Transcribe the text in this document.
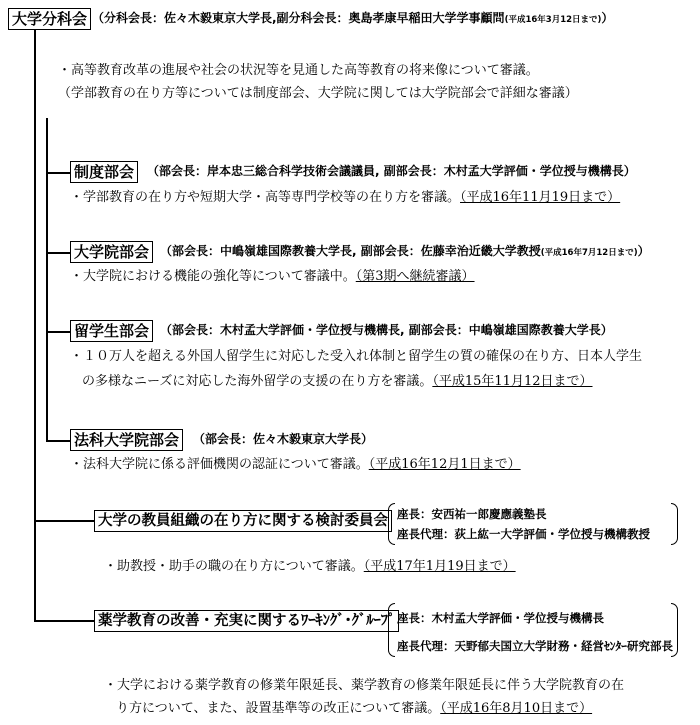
大学分科会 （分科会長：佐々木毅東京大学長,副分科会長：奥島孝康早稲田大学学事顧問(平成16年3月12日まで)）
・高等教育改革の進展や社会の状況等を見通した高等教育の将来像について審議。
（学部教育の在り方等については制度部会、大学院に関しては大学院部会で詳細な審議）
制度部会	（部会長：岸本忠三総合科学技術会議議員, 副部会長：木村孟大学評価・学位授与機構長）
・学部教育の在り方や短期大学・高等専門学校等の在り方を審議。（平成16年11月19日まで）
大学院部会 （部会長：中嶋嶺雄国際教養大学長, 副部会長：佐藤幸治近畿大学教授(平成16年7月12日まで)）
・大学院における機能の強化等について審議中。（第3期へ継続審議）
留学生部会 （部会長：木村孟大学評価・学位授与機構長, 副部会長：中嶋嶺雄国際教養大学長）
・１０万人を超える外国人留学生に対応した受入れ体制と留学生の質の確保の在り方、日本人学生
の多様なニーズに対応した海外留学の支援の在り方を審議。（平成15年11月12日まで）
法科大学院部会	（部会長：佐々木毅東京大学長）
・法科大学院に係る評価機関の認証について審議。（平成16年12月1日まで）
大学の教員組織の在り方に関する検討委員会 座長：安西祐一郎慶應義塾長
座長代理：荻上紘一大学評価・学位授与機構教授
・助教授・助手の職の在り方について審議。（平成17年1月19日まで）
薬学教育の改善・充実に関するﾜｰｷﾝｸﾞ･ｸﾞﾙｰﾌﾟ 座長：木村孟大学評価・学位授与機構長
座長代理：天野郁夫国立大学財務・経営ｾﾝﾀｰ研究部長
・大学における薬学教育の修業年限延長、薬学教育の修業年限延長に伴う大学院教育の在
り方について、また、設置基準等の改正について審議。（平成16年8月10日まで）
